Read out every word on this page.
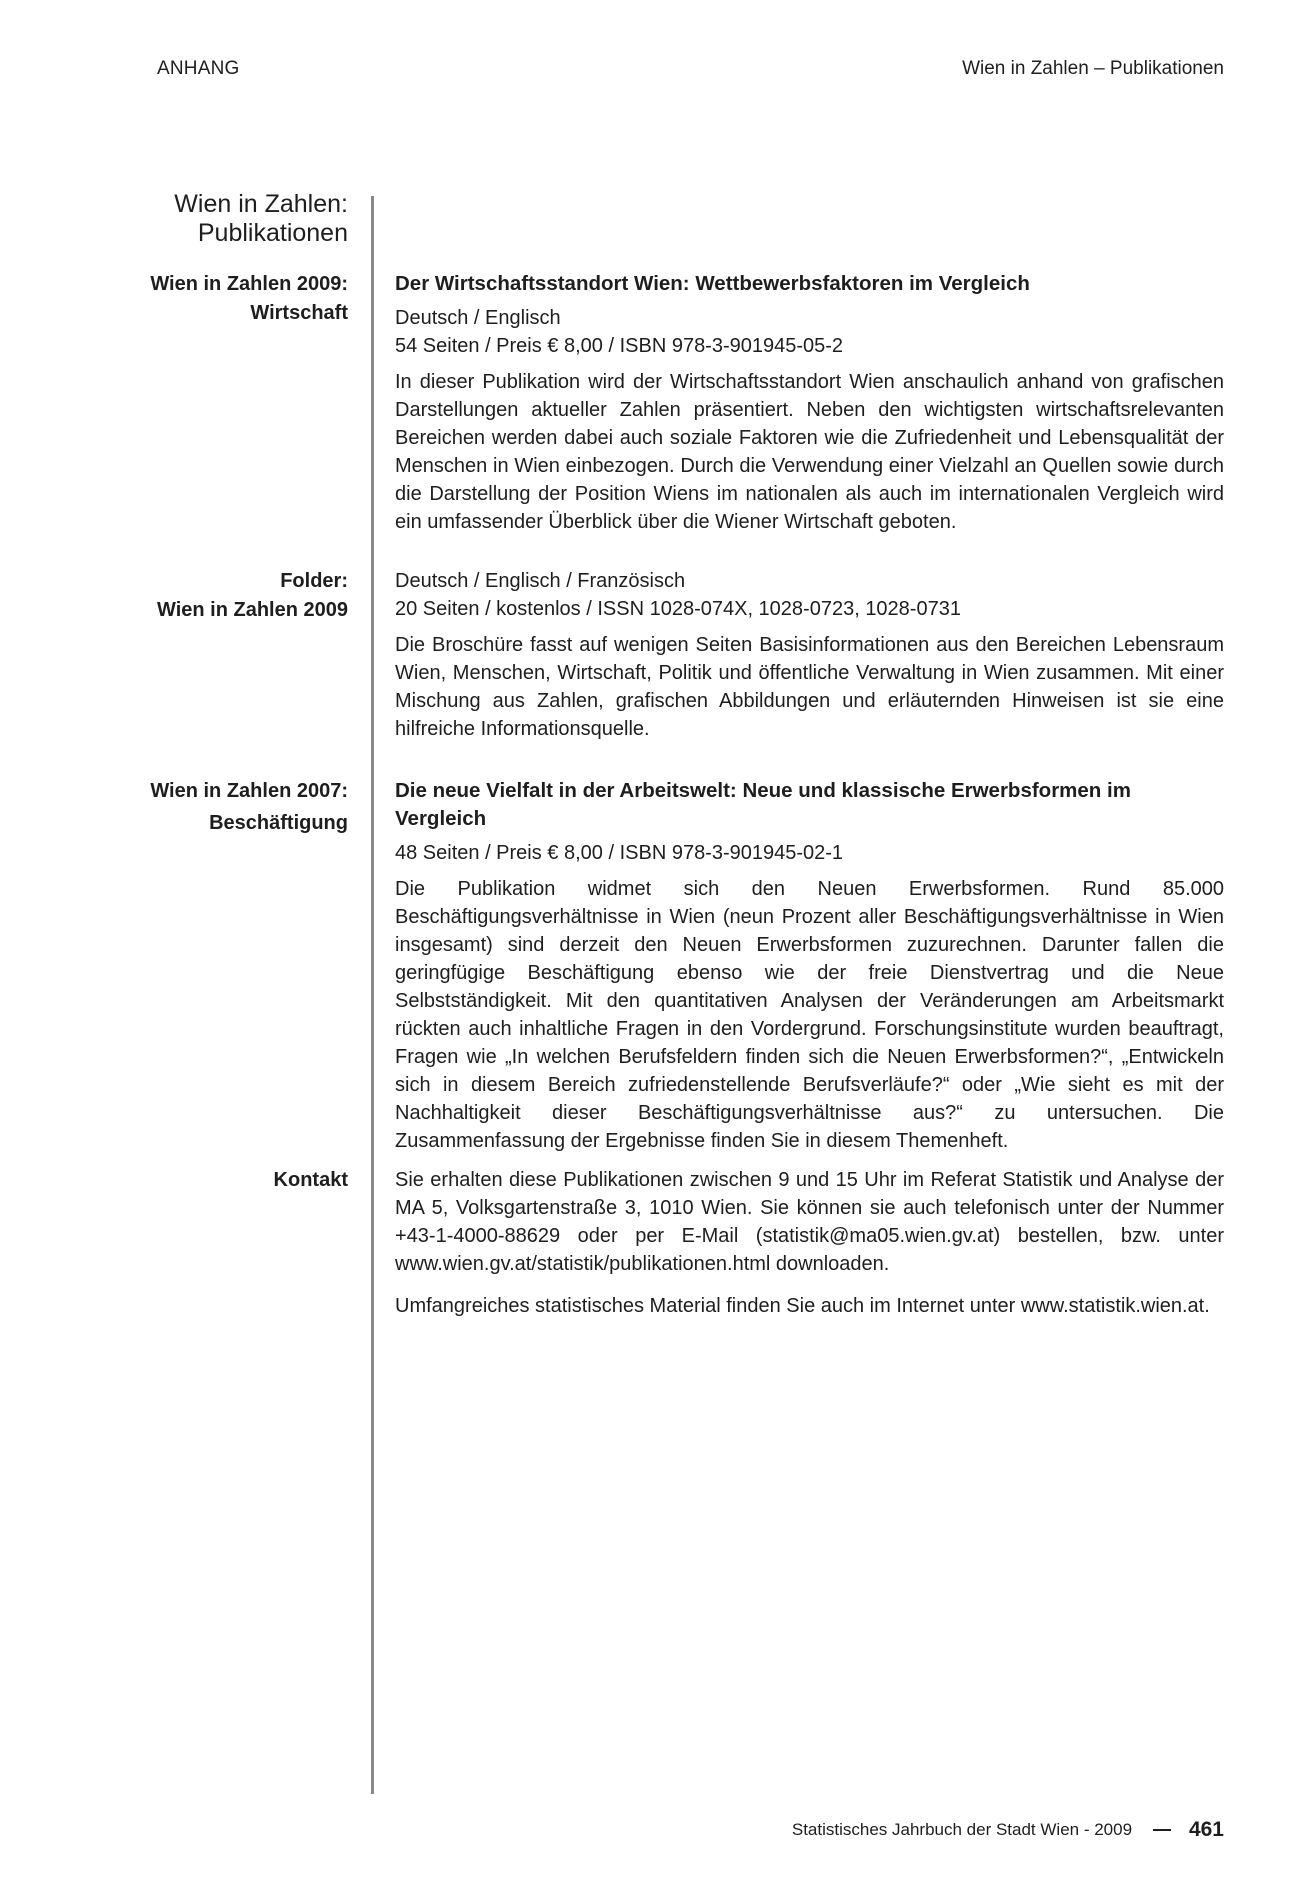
ANHANG	Wien in Zahlen – Publikationen
Wien in Zahlen:
Publikationen
Wien in Zahlen 2009:
Wirtschaft

Der Wirtschaftsstandort Wien: Wettbewerbsfaktoren im Vergleich

Deutsch / Englisch

54 Seiten / Preis € 8,00 / ISBN 978-3-901945-05-2

In dieser Publikation wird der Wirtschaftsstandort Wien anschaulich anhand von grafischen Darstellungen aktueller Zahlen präsentiert. Neben den wichtigsten wirtschaftsrelevanten Bereichen werden dabei auch soziale Faktoren wie die Zufriedenheit und Lebensqualität der Menschen in Wien einbezogen. Durch die Verwendung einer Vielzahl an Quellen sowie durch die Darstellung der Position Wiens im nationalen als auch im internationalen Vergleich wird ein umfassender Überblick über die Wiener Wirtschaft geboten.

Folder:
Wien in Zahlen 2009

Deutsch / Englisch / Französisch

20 Seiten / kostenlos / ISSN 1028-074X, 1028-0723, 1028-0731

Die Broschüre fasst auf wenigen Seiten Basisinformationen aus den Bereichen Lebensraum Wien, Menschen, Wirtschaft, Politik und öffentliche Verwaltung in Wien zusammen. Mit einer Mischung aus Zahlen, grafischen Abbildungen und erläuternden Hinweisen ist sie eine hilfreiche Informationsquelle.

Wien in Zahlen 2007:
Beschäftigung

Die neue Vielfalt in der Arbeitswelt: Neue und klassische Erwerbsformen im Vergleich

48 Seiten / Preis € 8,00 / ISBN 978-3-901945-02-1

Die Publikation widmet sich den Neuen Erwerbsformen. Rund 85.000 Beschäftigungsverhältnisse in Wien (neun Prozent aller Beschäftigungsverhältnisse in Wien insgesamt) sind derzeit den Neuen Erwerbsformen zuzurechnen. Darunter fallen die geringfügige Beschäftigung ebenso wie der freie Dienstvertrag und die Neue Selbstständigkeit. Mit den quantitativen Analysen der Veränderungen am Arbeitsmarkt rückten auch inhaltliche Fragen in den Vordergrund. Forschungsinstitute wurden beauftragt, Fragen wie „In welchen Berufsfeldern finden sich die Neuen Erwerbsformen?“, „Entwickeln sich in diesem Bereich zufriedenstellende Berufsverläufe?“ oder „Wie sieht es mit der Nachhaltigkeit dieser Beschäftigungsverhältnisse aus?“ zu untersuchen. Die Zusammenfassung der Ergebnisse finden Sie in diesem Themenheft.

Kontakt Sie erhalten diese Publikationen zwischen 9 und 15 Uhr im Referat Statistik und Analyse der MA 5, Volksgartenstraße 3, 1010 Wien. Sie können sie auch telefonisch unter der Nummer +43-1-4000-88629 oder per E-Mail (statistik@ma05.wien.gv.at) bestellen, bzw. unter www.wien.gv.at/statistik/publikationen.html downloaden.

Umfangreiches statistisches Material finden Sie auch im Internet unter www.statistik.wien.at.

Statistisches Jahrbuch der Stadt Wien - 2009	461
